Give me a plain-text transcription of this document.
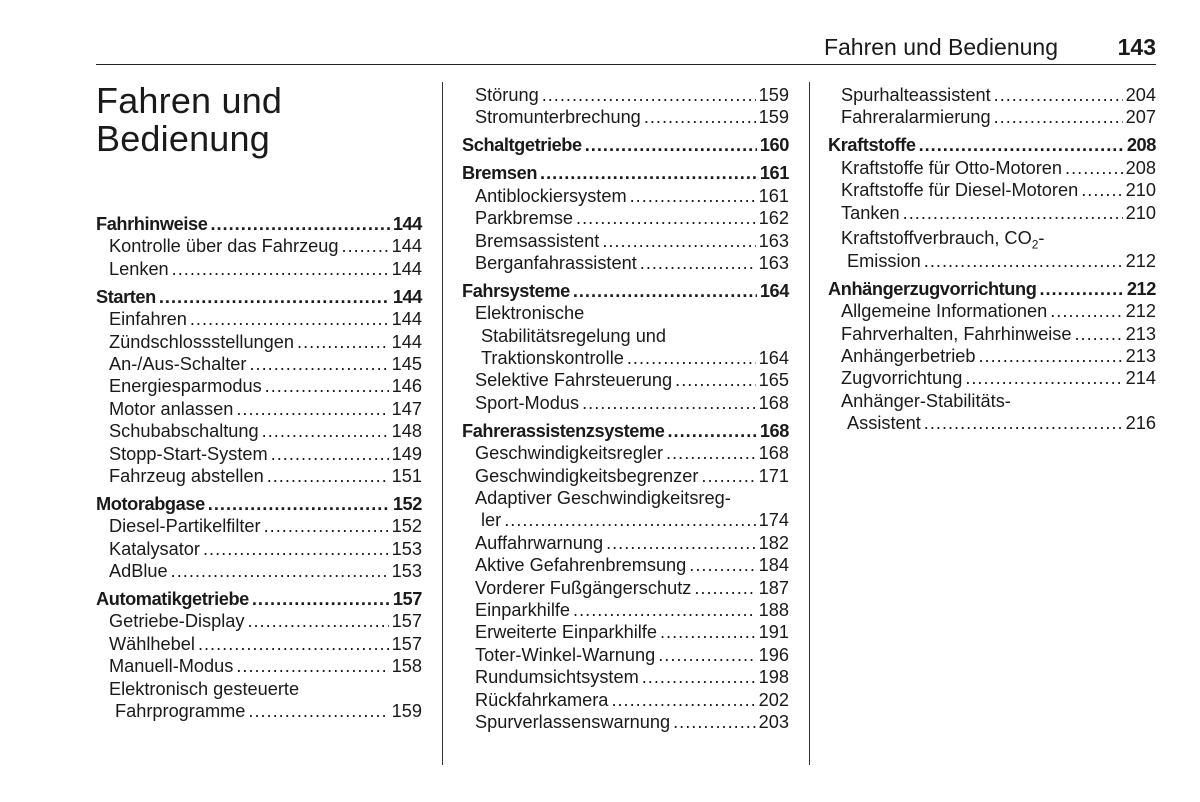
Fahren und Bedienung	143
Fahren und
Bedienung
Fahrhinweise .....	144
Kontrolle über das Fahrzeug .....	144
Lenken .....	144
Starten .....	144
Einfahren .....	144
Zündschlossstellungen .....	144
An-/Aus-Schalter .....	145
Energiesparmodus .....	146
Motor anlassen .....	147
Schubabschaltung .....	148
Stopp-Start-System .....	149
Fahrzeug abstellen .....	151
Motorabgase .....	152
Diesel-Partikelfilter .....	152
Katalysator .....	153
AdBlue .....	153
Automatikgetriebe .....	157
Getriebe-Display .....	157
Wählhebel .....	157
Manuell-Modus .....	158
Elektronisch gesteuerte
Fahrprogramme .....	159
Störung .....	159
Stromunterbrechung .....	159
Schaltgetriebe .....	160
Bremsen .....	161
Antiblockiersystem .....	161
Parkbremse .....	162
Bremsassistent .....	163
Berganfahrassistent .....	163
Fahrsysteme .....	164
Elektronische
Stabilitätsregelung und
Traktionskontrolle .....	164
Selektive Fahrsteuerung .....	165
Sport-Modus .....	168
Fahrerassistenzsysteme .....	168
Geschwindigkeitsregler .....	168
Geschwindigkeitsbegrenzer .....	171
Adaptiver Geschwindigkeitsreg-
ler .....	174
Auffahrwarnung .....	182
Aktive Gefahrenbremsung .....	184
Vorderer Fußgängerschutz .....	187
Einparkhilfe .....	188
Erweiterte Einparkhilfe .....	191
Toter-Winkel-Warnung .....	196
Rundumsichtsystem .....	198
Rückfahrkamera .....	202
Spurverlassenswarnung .....	203
Spurhalteassistent .....	204
Fahreralarmierung .....	207
Kraftstoffe .....	208
Kraftstoffe für Otto-Motoren .....	208
Kraftstoffe für Diesel-Motoren .....	210
Tanken .....	210
Kraftstoffverbrauch, $CO_2-$
Emission .....	212
Anhängerzugvorrichtung .....	212
Allgemeine Informationen .....	212
Fahrverhalten, Fahrhinweise .....	213
Anhängerbetrieb .....	213
Zugvorrichtung .....	214
Anhänger-Stabilitäts-
Assistent .....	216
